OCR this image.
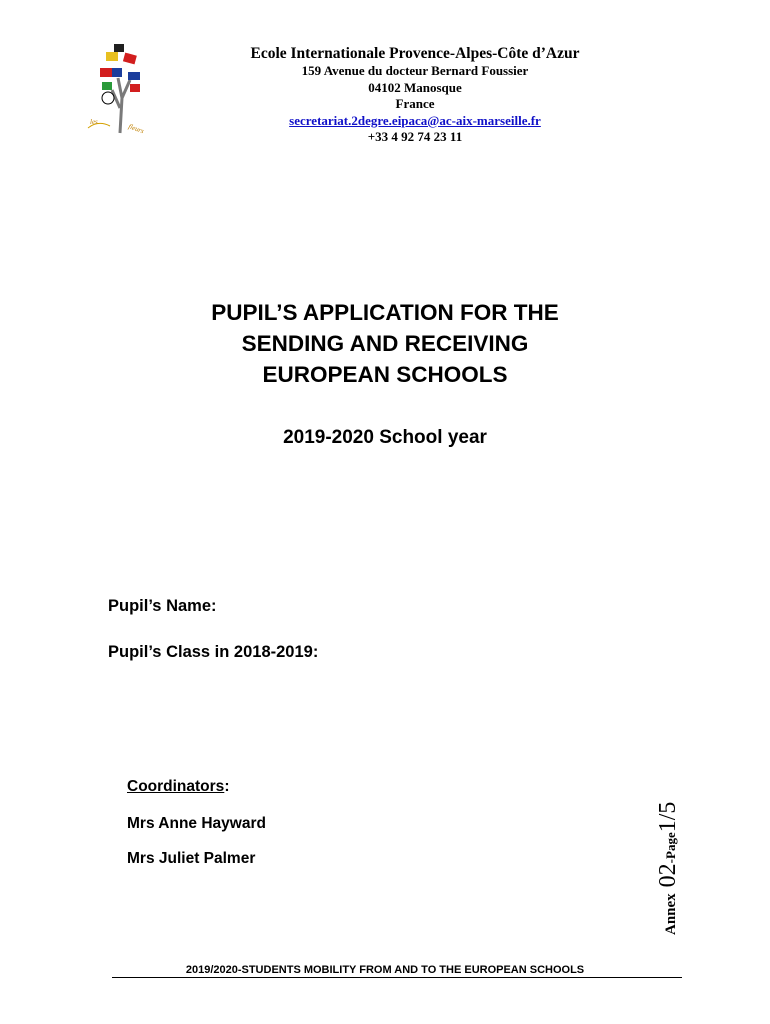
les
fleurs
Ecole Internationale Provence-Alpes-Côte d’Azur
159 Avenue du docteur Bernard Foussier
04102 Manosque
France
secretariat.2degre.eipaca@ac-aix-marseille.fr
+33 4 92 74 23 11
PUPIL’S APPLICATION FOR THE
SENDING AND RECEIVING
EUROPEAN SCHOOLS
2019-2020 School year
Pupil’s Name:
Pupil’s Class in 2018-2019:
Coordinators:
Mrs Anne Hayward
Mrs Juliet Palmer
Annex
02
-Page
1/5
2019/2020-STUDENTS MOBILITY FROM AND TO THE EUROPEAN SCHOOLS
